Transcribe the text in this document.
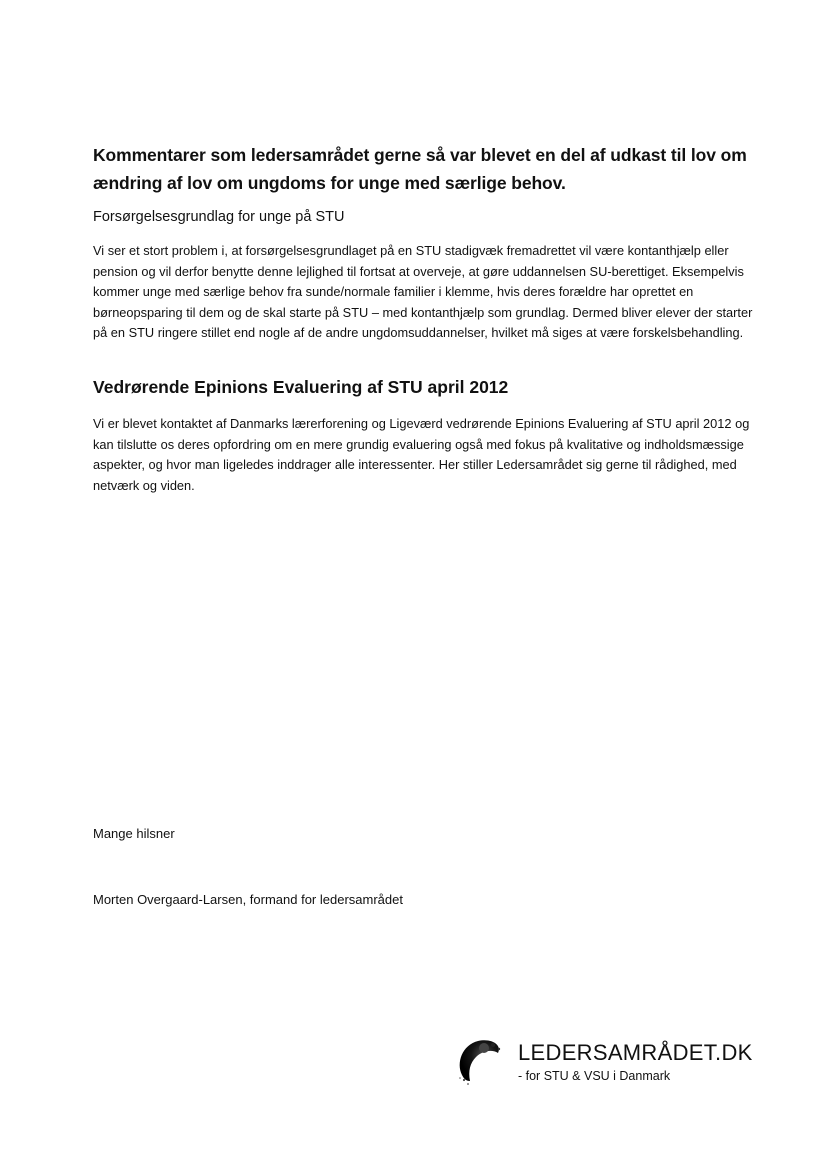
Kommentarer som ledersamrådet gerne så var blevet en del af udkast til lov om ændring af lov om ungdoms for unge med særlige behov.
Forsørgelsesgrundlag for unge på STU
Vi ser et stort problem i, at forsørgelsesgrundlaget på en STU stadigvæk fremadrettet vil være kontanthjælp eller pension og vil derfor benytte denne lejlighed til fortsat at overveje, at gøre uddannelsen SU-berettiget. Eksempelvis kommer unge med særlige behov fra sunde/normale familier i klemme, hvis deres forældre har oprettet en børneopsparing til dem og de skal starte på STU – med kontanthjælp som grundlag. Dermed bliver elever der starter på en STU ringere stillet end nogle af de andre ungdomsuddannelser, hvilket må siges at være forskelsbehandling.
Vedrørende Epinions Evaluering af STU april 2012
Vi er blevet kontaktet af Danmarks lærerforening og Ligeværd vedrørende Epinions Evaluering af STU april 2012 og kan tilslutte os deres opfordring om en mere grundig evaluering også med fokus på kvalitative og indholdsmæssige aspekter, og hvor man ligeledes inddrager alle interessenter. Her stiller Ledersamrådet sig gerne til rådighed, med netværk og viden.
Mange hilsner
Morten Overgaard-Larsen, formand for ledersamrådet
LEDERSAMRÅDET.DK
- for STU & VSU i Danmark
